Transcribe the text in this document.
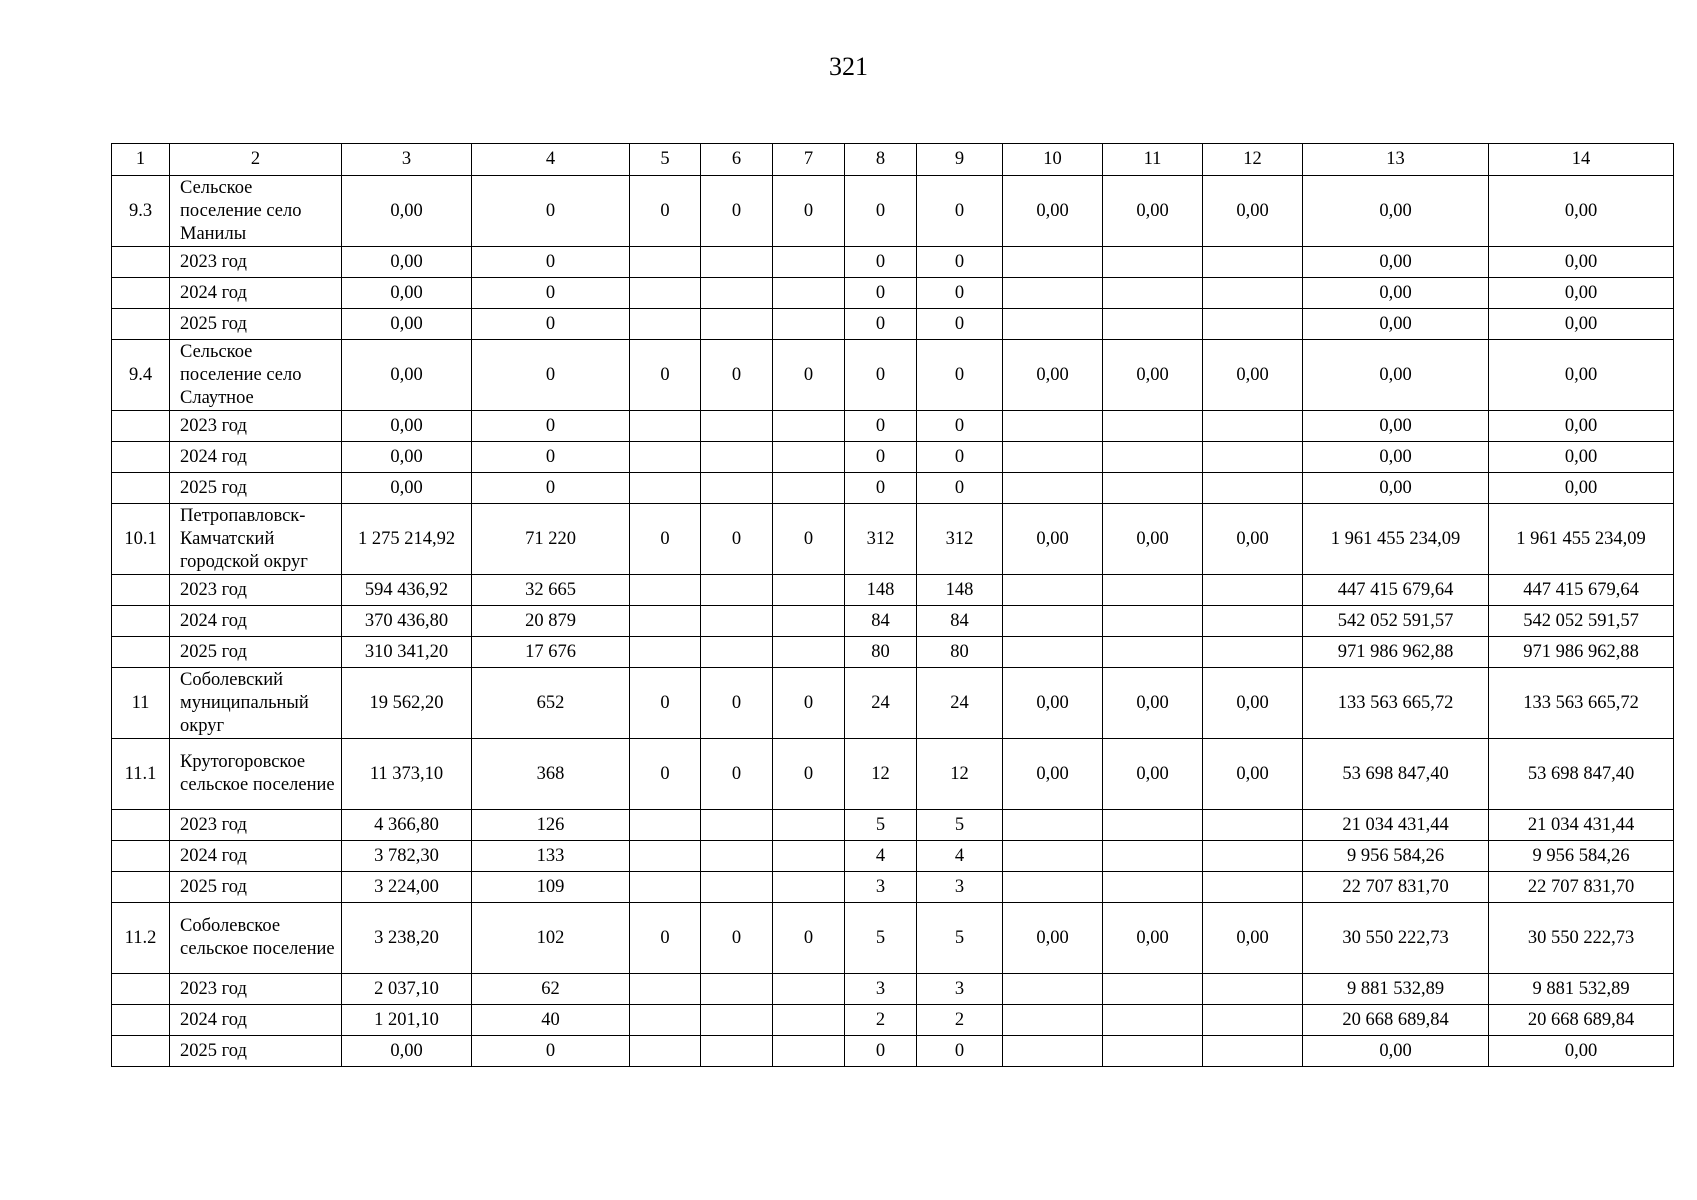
321
1	2	3	4	5	6	7	8	9	10	11	12	13	14
9.3	Сельское поселение село Манилы	0,00	0	0	0	0	0	0	0,00	0,00	0,00	0,00	0,00
	2023 год	0,00	0				0	0				0,00	0,00
	2024 год	0,00	0				0	0				0,00	0,00
	2025 год	0,00	0				0	0				0,00	0,00
9.4	Сельское поселение село Слаутное	0,00	0	0	0	0	0	0	0,00	0,00	0,00	0,00	0,00
	2023 год	0,00	0				0	0				0,00	0,00
	2024 год	0,00	0				0	0				0,00	0,00
	2025 год	0,00	0				0	0				0,00	0,00
10.1	Петропавловск-Камчатский городской округ	1 275 214,92	71 220	0	0	0	312	312	0,00	0,00	0,00	1 961 455 234,09	1 961 455 234,09
	2023 год	594 436,92	32 665				148	148				447 415 679,64	447 415 679,64
	2024 год	370 436,80	20 879				84	84				542 052 591,57	542 052 591,57
	2025 год	310 341,20	17 676				80	80				971 986 962,88	971 986 962,88
11	Соболевский муниципальный округ	19 562,20	652	0	0	0	24	24	0,00	0,00	0,00	133 563 665,72	133 563 665,72
11.1	Крутогоровское сельское поселение	11 373,10	368	0	0	0	12	12	0,00	0,00	0,00	53 698 847,40	53 698 847,40
	2023 год	4 366,80	126				5	5				21 034 431,44	21 034 431,44
	2024 год	3 782,30	133				4	4				9 956 584,26	9 956 584,26
	2025 год	3 224,00	109				3	3				22 707 831,70	22 707 831,70
11.2	Соболевское сельское поселение	3 238,20	102	0	0	0	5	5	0,00	0,00	0,00	30 550 222,73	30 550 222,73
	2023 год	2 037,10	62				3	3				9 881 532,89	9 881 532,89
	2024 год	1 201,10	40				2	2				20 668 689,84	20 668 689,84
	2025 год	0,00	0				0	0				0,00	0,00
